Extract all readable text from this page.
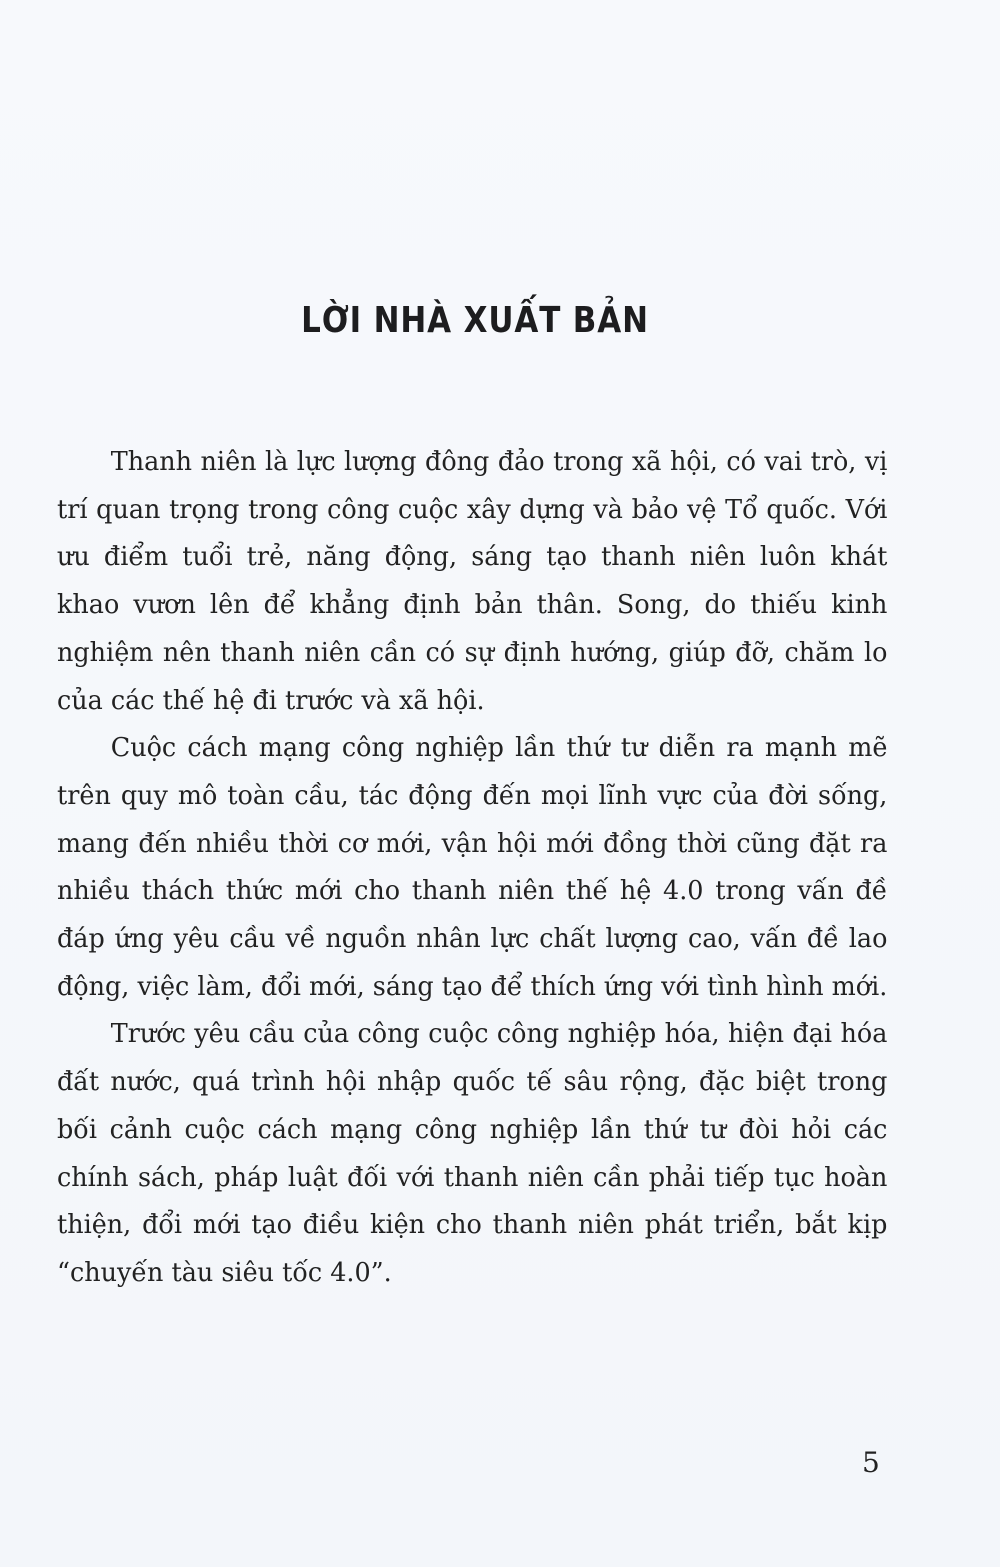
LỜI NHÀ XUẤT BẢN

Thanh niên là lực lượng đông đảo trong xã hội, có vai trò, vị trí quan trọng trong công cuộc xây dựng và bảo vệ Tổ quốc. Với ưu điểm tuổi trẻ, năng động, sáng tạo thanh niên luôn khát khao vươn lên để khẳng định bản thân. Song, do thiếu kinh nghiệm nên thanh niên cần có sự định hướng, giúp đỡ, chăm lo của các thế hệ đi trước và xã hội.

Cuộc cách mạng công nghiệp lần thứ tư diễn ra mạnh mẽ trên quy mô toàn cầu, tác động đến mọi lĩnh vực của đời sống, mang đến nhiều thời cơ mới, vận hội mới đồng thời cũng đặt ra nhiều thách thức mới cho thanh niên thế hệ 4.0 trong vấn đề đáp ứng yêu cầu về nguồn nhân lực chất lượng cao, vấn đề lao động, việc làm, đổi mới, sáng tạo để thích ứng với tình hình mới.

Trước yêu cầu của công cuộc công nghiệp hóa, hiện đại hóa đất nước, quá trình hội nhập quốc tế sâu rộng, đặc biệt trong bối cảnh cuộc cách mạng công nghiệp lần thứ tư đòi hỏi các chính sách, pháp luật đối với thanh niên cần phải tiếp tục hoàn thiện, đổi mới tạo điều kiện cho thanh niên phát triển, bắt kịp “chuyến tàu siêu tốc 4.0”.

5
